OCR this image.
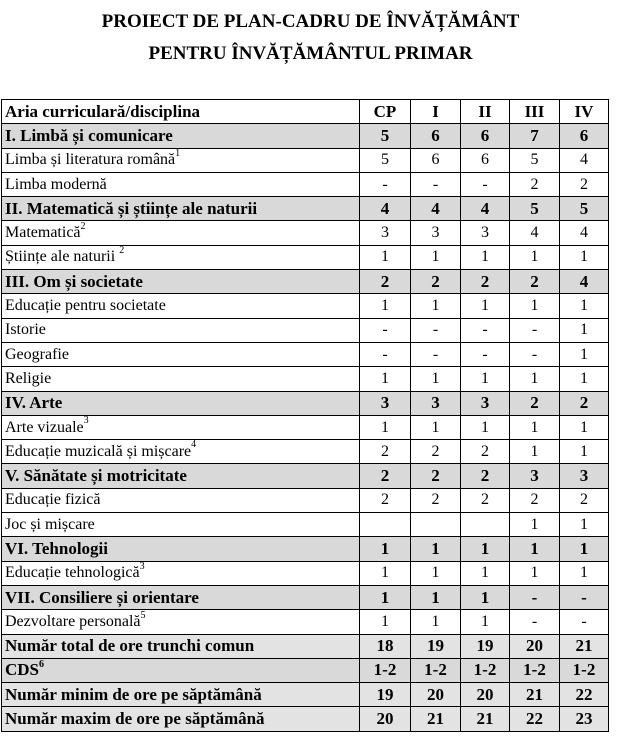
PROIECT DE PLAN-CADRU DE ÎNVĂȚĂMÂNT
PENTRU ÎNVĂȚĂMÂNTUL PRIMAR
Aria curriculară/disciplina	CP	I	II	III	IV
I. Limbă și comunicare	5	6	6	7	6
Limba și literatura română$^1$	5	6	6	5	4
Limba modernă	-	-	-	2	2
II. Matematică și științe ale naturii	4	4	4	5	5
Matematică$^2$	3	3	3	4	4
Științe ale naturii $^2$	1	1	1	1	1
III. Om și societate	2	2	2	2	4
Educație pentru societate	1	1	1	1	1
Istorie	-	-	-	-	1
Geografie	-	-	-	-	1
Religie	1	1	1	1	1
IV. Arte	3	3	3	2	2
Arte vizuale$^3$	1	1	1	1	1
Educație muzicală și mișcare$^4$	2	2	2	1	1
V. Sănătate și motricitate	2	2	2	3	3
Educație fizică	2	2	2	2	2
Joc și mișcare				1	1
VI. Tehnologii	1	1	1	1	1
Educație tehnologică$^3$	1	1	1	1	1
VII. Consiliere și orientare	1	1	1	-	-
Dezvoltare personală$^5$	1	1	1	-	-
Număr total de ore trunchi comun	18	19	19	20	21
CDS$^6$	1-2	1-2	1-2	1-2	1-2
Număr minim de ore pe săptămână	19	20	20	21	22
Număr maxim de ore pe săptămână	20	21	21	22	23
